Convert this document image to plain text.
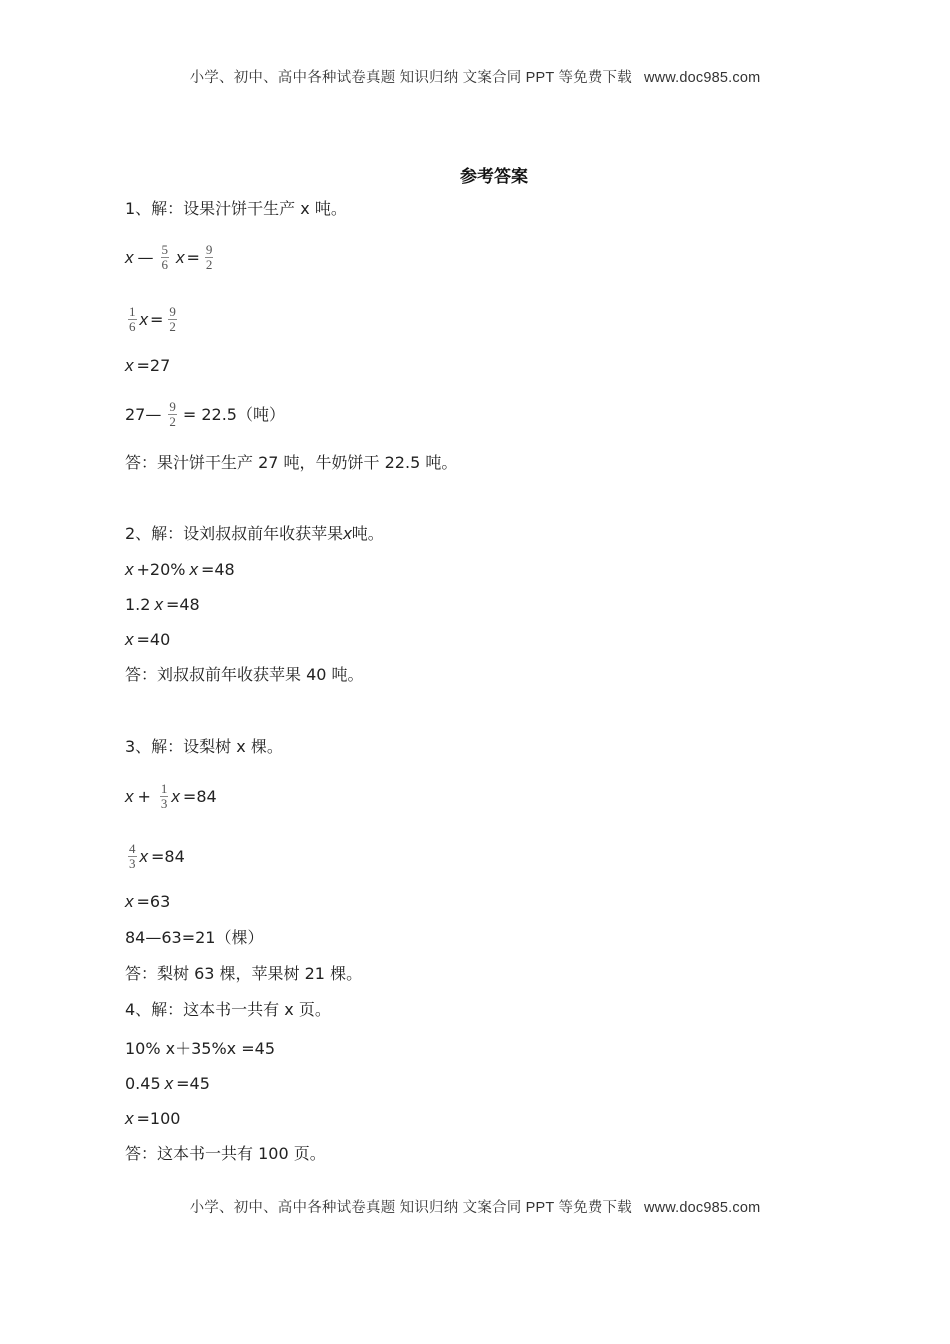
小学、初中、高中各种试卷真题 知识归纳 文案合同 PPT 等免费下载 www.doc985.com
参考答案
1、解：设果汁饼干生产 x 吨。
x — $\frac{5}{6}$ $x = \frac{9}{2}$
$\frac{1}{6}$ $x = \frac{9}{2}$
x =27
27— $\frac{9}{2} = 22.5$（吨）
答：果汁饼干生产 27 吨，牛奶饼干 22.5 吨。
2、解：设刘叔叔前年收获苹果 x 吨。
x +20% x =48
1.2 x =48
x =40
答：刘叔叔前年收获苹果 40 吨。
3、解：设梨树 x 棵。
$x + \frac{1}{3}$ x =84
$\frac{4}{3}$ x =84
x =63
84—63=21（棵）
答：梨树 63 棵，苹果树 21 棵。
4、解：这本书一共有 x 页。
10% x＋35%x =45
0.45 x =45
x =100
答：这本书一共有 100 页。
小学、初中、高中各种试卷真题 知识归纳 文案合同 PPT 等免费下载 www.doc985.com
